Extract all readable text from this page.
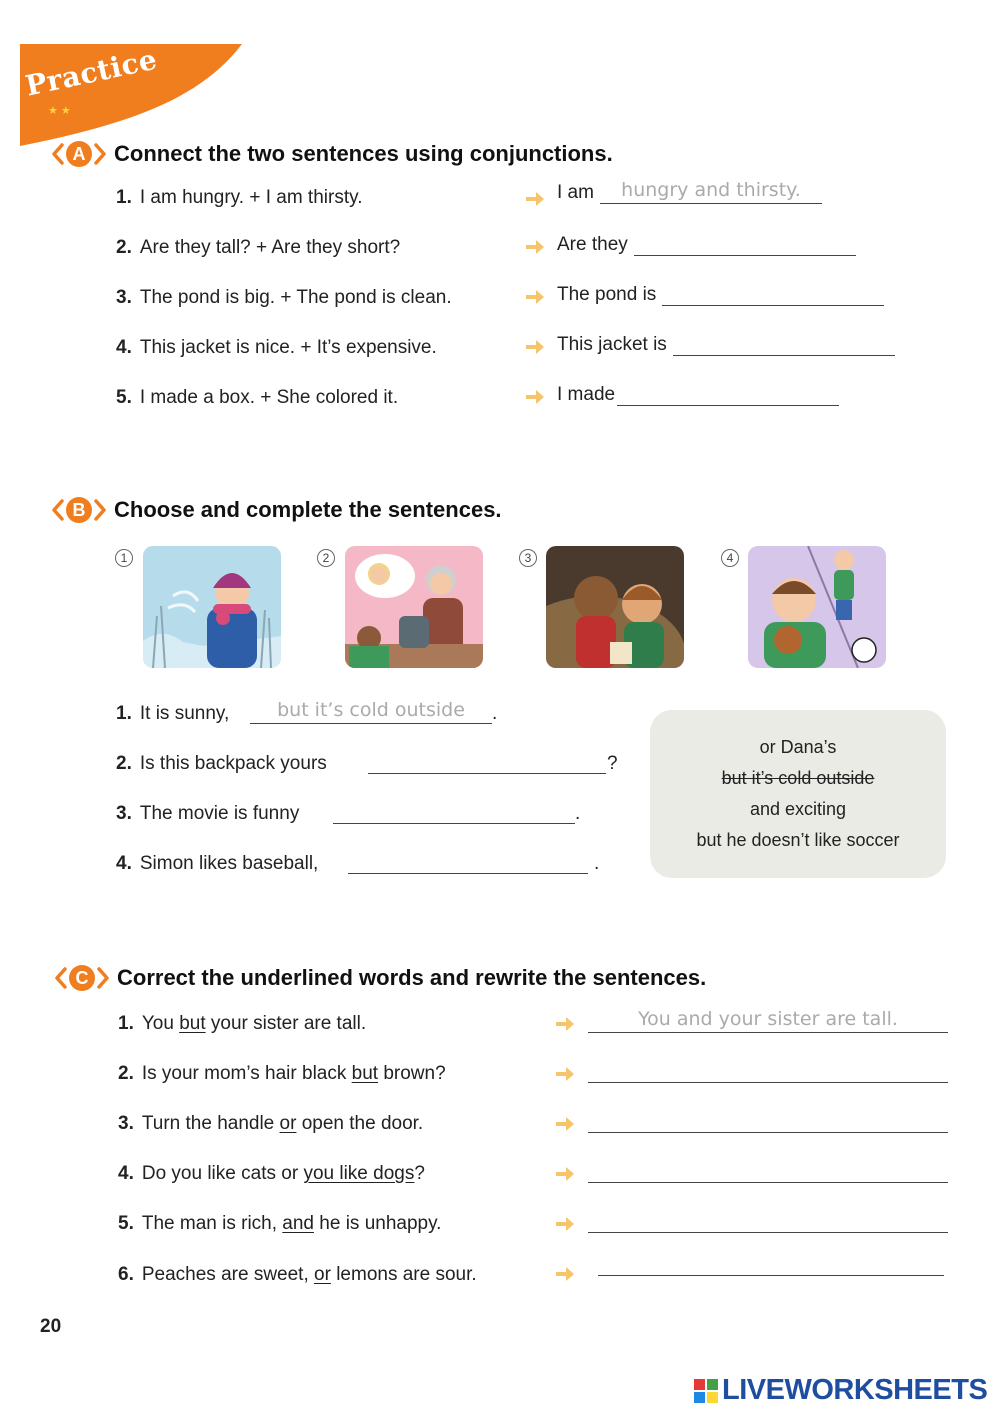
★ ★
Practice
A Connect the two sentences using conjunctions.
1. I am hungry. + I am thirsty.	I am	hungry and thirsty.
2. Are they tall? + Are they short?	Are they
3. The pond is big. + The pond is clean.	The pond is
4. This jacket is nice. + It’s expensive.	This jacket is
5. I made a box. + She colored it.	I made
B Choose and complete the sentences.
1	2	3	4
1. It is sunny,	but it’s cold outside	.
2. Is this backpack yours	?
3. The movie is funny	.
4. Simon likes baseball,	.
or Dana’s
but it’s cold outside
and exciting
but he doesn’t like soccer
C Correct the underlined words and rewrite the sentences.
1. You but your sister are tall.	You and your sister are tall.
2. Is your mom’s hair black but brown?
3. Turn the handle or open the door.
4. Do you like cats or you like dogs?
5. The man is rich, and he is unhappy.
6. Peaches are sweet, or lemons are sour.
20
LIVEWORKSHEETS
